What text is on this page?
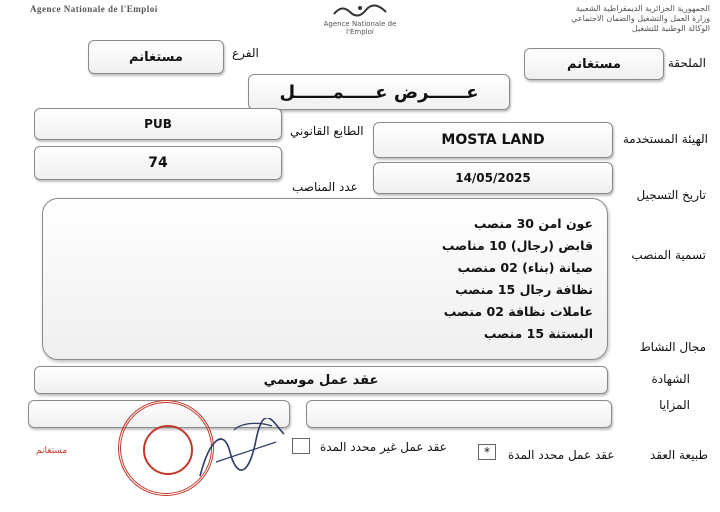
Agence Nationale de l'Emploi
Agence Nationale de l'Emploi
الجمهورية الجزائرية الديمقراطية الشعبية
وزارة العمل والتشغيل والضمان الاجتماعي
الوكالة الوطنية للتشغيل
الملحقة
مستغانم
الفرع
مستغانم
عــــــرض عـــــمــــــل
الهيئة المستخدمة
MOSTA LAND
الطابع القانوني
PUB
74
عدد المناصب
14/05/2025
تاريخ التسجيل
تسمية المنصب
عون امن 30 منصب
قابض (رجال) 10 مناصب
صيانة (بناء) 02 منصب
نظافة رجال 15 منصب
عاملات نظافة 02 منصب
البستنة 15 منصب
مجال النشاط
الشهادة
عقد عمل موسمي
المزايا
طبيعة العقد
عقد عمل محدد المدة
*
عقد عمل غير محدد المدة
مستغانم
